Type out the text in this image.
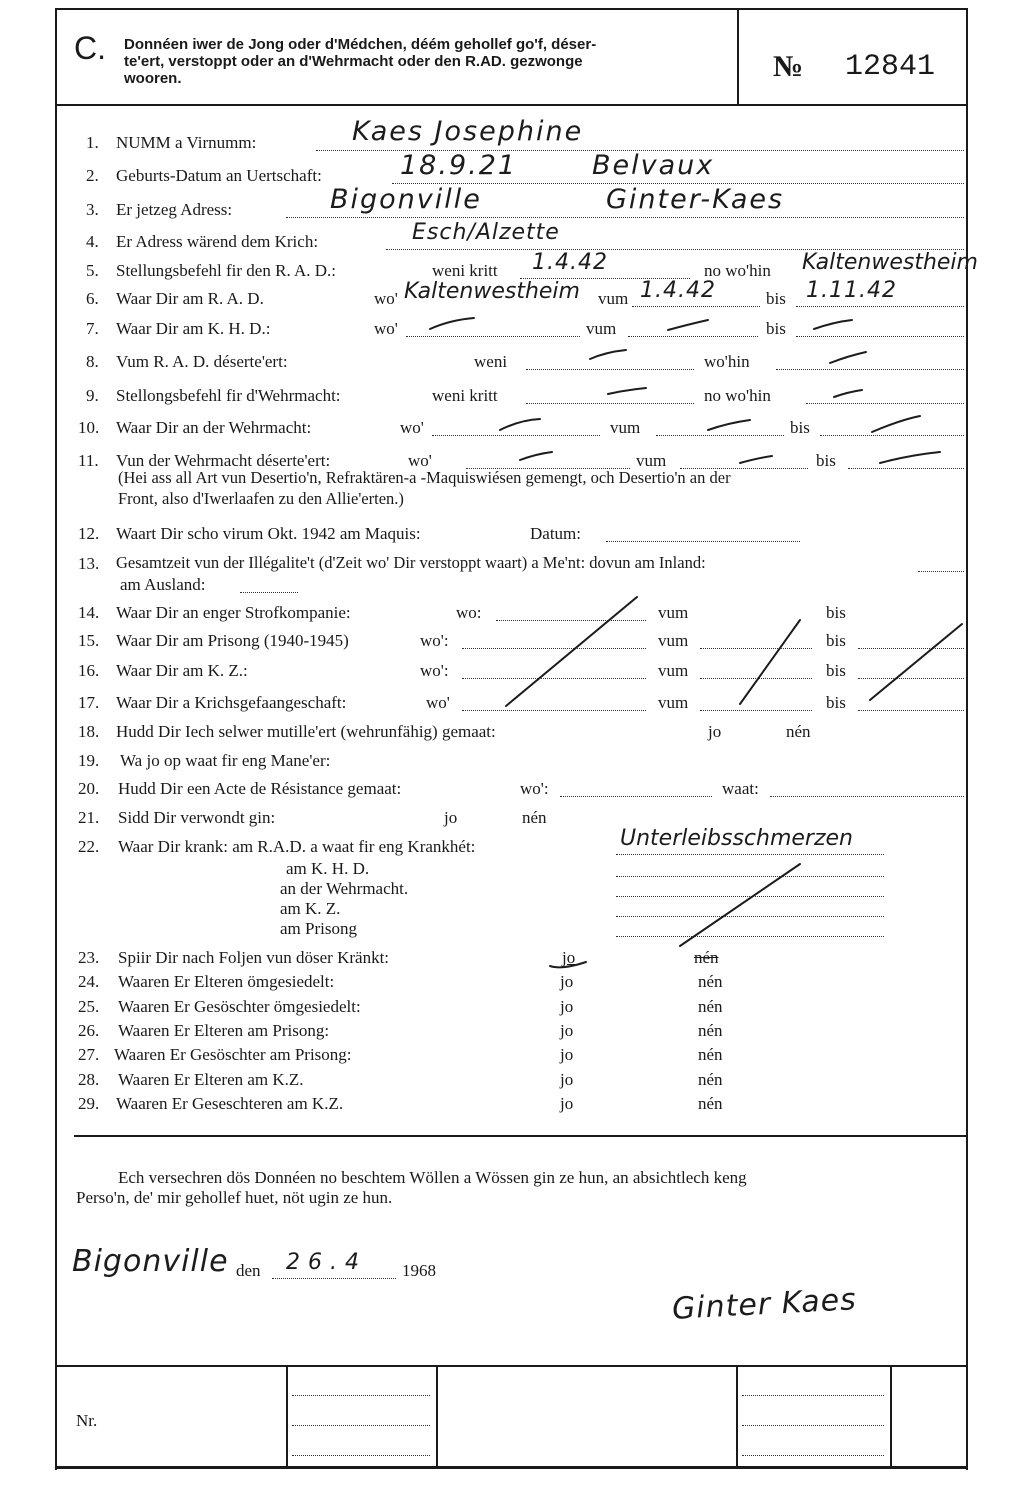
C. Donnéen iwer de Jong oder d'Médchen, déém gehollef go'f, déser-
te'ert, verstoppt oder an d'Wehrmacht oder den R.AD. gezwonge
wooren.	№ 12841
1. NUMM a Virnumm:	Kaes Josephine
2. Geburts-Datum an Uertschaft:	18.9.21	Belvaux
3. Er jetzeg Adress:	Bigonville	Ginter-Kaes
4. Er Adress wärend dem Krich:	Esch/Alzette
5. Stellungsbefehl fir den R. A. D.:	weni kritt 1.4.42	no wo'hin Kaltenwestheim
6. Waar Dir am R. A. D.	wo' Kaltenwestheim vum 1.4.42	bis 1.11.42
7. Waar Dir am K. H. D.:	wo'	vum	bis
8. Vum R. A. D. déserte'ert:	weni	wo'hin
9. Stellongsbefehl fir d'Wehrmacht:	weni kritt	no wo'hin
10. Waar Dir an der Wehrmacht:	wo'	vum	bis
11. Vun der Wehrmacht déserte'ert:	wo'	vum	bis
(Hei ass all Art vun Desertio'n, Refraktären-a -Maquiswiésen gemengt, och Desertio'n an der
Front, also d'Iwerlaafen zu den Allie'erten.)
12. Waart Dir scho virum Okt. 1942 am Maquis:	Datum:
13. Gesamtzeit vun der Illégalite't (d'Zeit wo' Dir verstoppt waart) a Me'nt: dovun am Inland:
am Ausland:
14. Waar Dir an enger Strofkompanie:	wo:	vum	bis
15. Waar Dir am Prisong (1940-1945)	wo':	vum	bis
16. Waar Dir am K. Z.:	wo':	vum	bis
17. Waar Dir a Krichsgefaangeschaft:	wo'	vum	bis
18. Hudd Dir Iech selwer mutille'ert (wehrunfähig) gemaat:	jo	nén
19. Wa jo op waat fir eng Mane'er:
20. Hudd Dir een Acte de Résistance gemaat:	wo':	waat:
21. Sidd Dir verwondt gin:	jo	nén
22. Waar Dir krank: am R.A.D. a waat fir eng Krankhét:	Unterleibsschmerzen
am K. H. D.
an der Wehrmacht.
am K. Z.
am Prisong
23. Spiir Dir nach Foljen vun döser Kränkt:	jo	nén
24. Waaren Er Elteren ömgesiedelt:	jo	nén
25. Waaren Er Gesöschter ömgesiedelt:	jo	nén
26. Waaren Er Elteren am Prisong:	jo	nén
27. Waaren Er Gesöschter am Prisong:	jo	nén
28. Waaren Er Elteren am K.Z.	jo	nén
29. Waaren Er Geseschteren am K.Z.	jo	nén
Ech versechren dös Donnéen no beschtem Wöllen a Wössen gin ze hun, an absichtlech keng
Perso'n, de' mir gehollef huet, nöt ugin ze hun.
Bigonville den 26.4 1968
Ginter Kaes
Nr.
